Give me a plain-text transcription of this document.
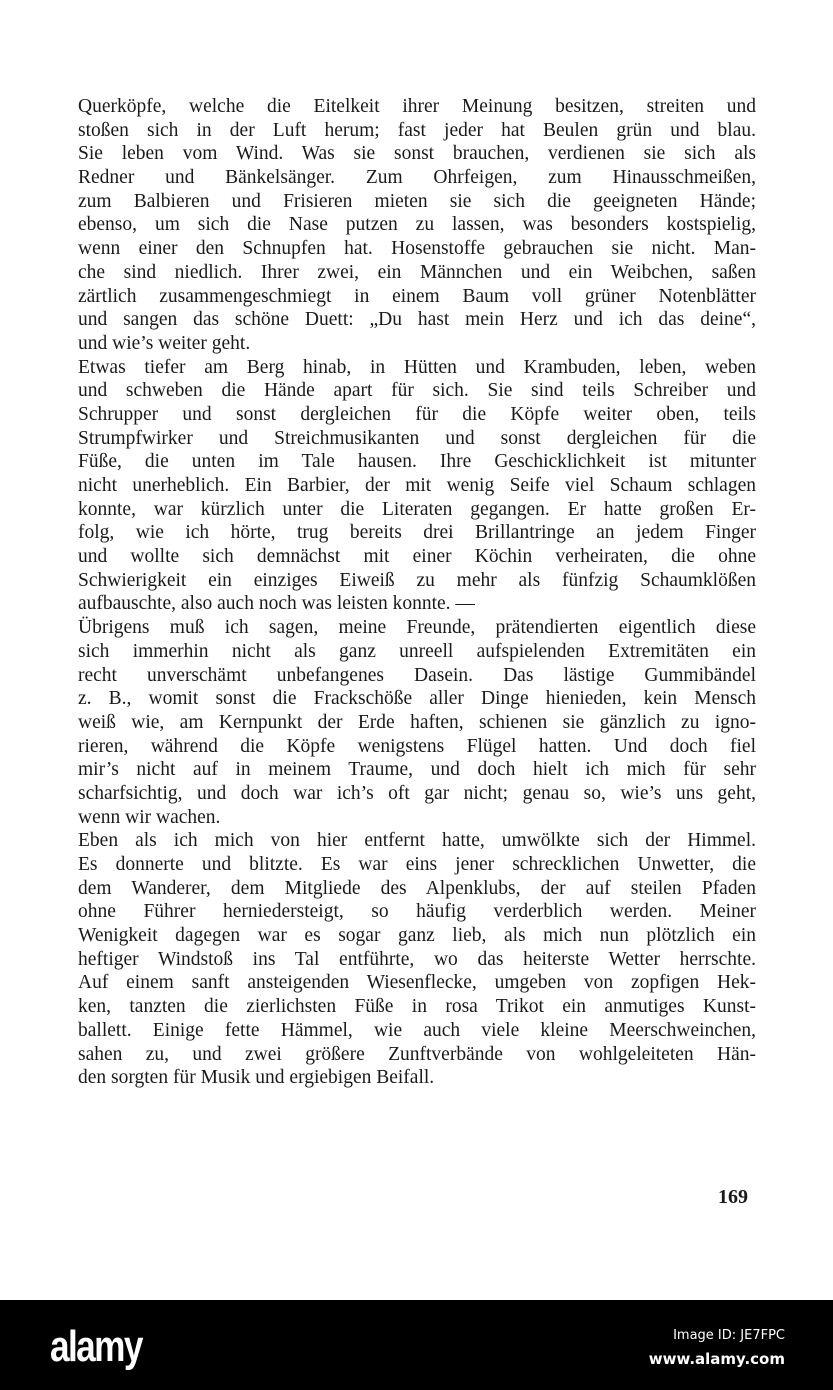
Querköpfe, welche die Eitelkeit ihrer Meinung besitzen, streiten und
stoßen sich in der Luft herum; fast jeder hat Beulen grün und blau.
Sie leben vom Wind. Was sie sonst brauchen, verdienen sie sich als
Redner und Bänkelsänger. Zum Ohrfeigen, zum Hinausschmeißen,
zum Balbieren und Frisieren mieten sie sich die geeigneten Hände;
ebenso, um sich die Nase putzen zu lassen, was besonders kostspielig,
wenn einer den Schnupfen hat. Hosenstoffe gebrauchen sie nicht. Man-
che sind niedlich. Ihrer zwei, ein Männchen und ein Weibchen, saßen
zärtlich zusammengeschmiegt in einem Baum voll grüner Notenblätter
und sangen das schöne Duett: „Du hast mein Herz und ich das deine“,
und wie’s weiter geht.
Etwas tiefer am Berg hinab, in Hütten und Krambuden, leben, weben
und schweben die Hände apart für sich. Sie sind teils Schreiber und
Schrupper und sonst dergleichen für die Köpfe weiter oben, teils
Strumpfwirker und Streichmusikanten und sonst dergleichen für die
Füße, die unten im Tale hausen. Ihre Geschicklichkeit ist mitunter
nicht unerheblich. Ein Barbier, der mit wenig Seife viel Schaum schlagen
konnte, war kürzlich unter die Literaten gegangen. Er hatte großen Er-
folg, wie ich hörte, trug bereits drei Brillantringe an jedem Finger
und wollte sich demnächst mit einer Köchin verheiraten, die ohne
Schwierigkeit ein einziges Eiweiß zu mehr als fünfzig Schaumklößen
aufbauschte, also auch noch was leisten konnte. —
Übrigens muß ich sagen, meine Freunde, prätendierten eigentlich diese
sich immerhin nicht als ganz unreell aufspielenden Extremitäten ein
recht unverschämt unbefangenes Dasein. Das lästige Gummibändel
z. B., womit sonst die Frackschöße aller Dinge hienieden, kein Mensch
weiß wie, am Kernpunkt der Erde haften, schienen sie gänzlich zu igno-
rieren, während die Köpfe wenigstens Flügel hatten. Und doch fiel
mir’s nicht auf in meinem Traume, und doch hielt ich mich für sehr
scharfsichtig, und doch war ich’s oft gar nicht; genau so, wie’s uns geht,
wenn wir wachen.
Eben als ich mich von hier entfernt hatte, umwölkte sich der Himmel.
Es donnerte und blitzte. Es war eins jener schrecklichen Unwetter, die
dem Wanderer, dem Mitgliede des Alpenklubs, der auf steilen Pfaden
ohne Führer herniedersteigt, so häufig verderblich werden. Meiner
Wenigkeit dagegen war es sogar ganz lieb, als mich nun plötzlich ein
heftiger Windstoß ins Tal entführte, wo das heiterste Wetter herrschte.
Auf einem sanft ansteigenden Wiesenflecke, umgeben von zopfigen Hek-
ken, tanzten die zierlichsten Füße in rosa Trikot ein anmutiges Kunst-
ballett. Einige fette Hämmel, wie auch viele kleine Meerschweinchen,
sahen zu, und zwei größere Zunftverbände von wohlgeleiteten Hän-
den sorgten für Musik und ergiebigen Beifall.
169
alamy	Image ID: JE7FPC
www.alamy.com
